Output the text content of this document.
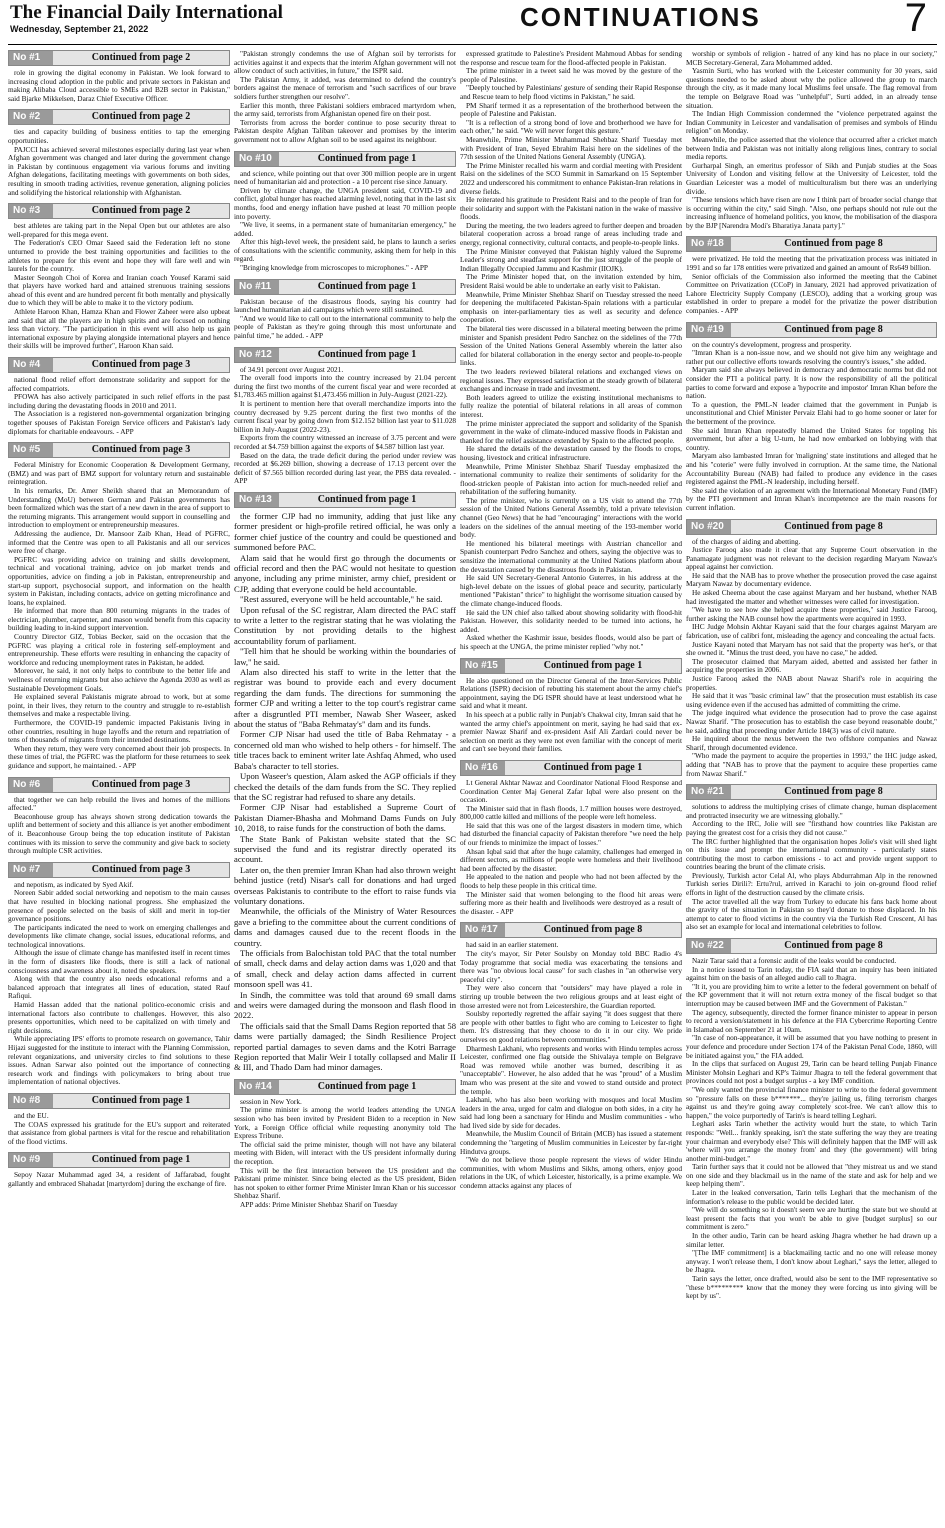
The Financial Daily International
Wednesday, September 21, 2022	CONTINUATIONS	7
No #1	Continued from page 2

role in growing the digital economy in Pakistan. We look forward to increasing cloud adoption in the public and private sectors in Pakistan and making Alibaba Cloud accessible to SMEs and B2B sector in Pakistan," said Bjarke Mikkelsen, Daraz Chief Executive Officer.

No #2	Continued from page 2

ties and capacity building of business entities to tap the emerging opportunities.

PAJCCI has achieved several milestones especially during last year when Afghan government was changed and later during the government change in Pakistan by continuous engagement via various forums and inviting Afghan delegations, facilitating meetings with governments on both sides, resulting in smooth trading activities, revenue generation, aligning policies and solidifying the historical relationship with Afghanistan.

No #3	Continued from page 2

best athletes are taking part in the Nepal Open but our athletes are also well-prepared for this mega event.

The Federation's CEO Omar Saeed said the Federation left no stone unturned to provide the best training opportunities and facilities to the athletes to prepare for this event and hope they will fare well and win laurels for the country.

Master Seongoh Choi of Korea and Iranian coach Yousef Karami said that players have worked hard and attained strenuous training sessions ahead of this event and are hundred percent fit both mentally and physically due to which they will be able to make it to the victory podium.

Athlete Haroon Khan, Hamza Khan and Flower Zaheer were also upbeat and said that all the players are in high spirits and are focused on nothing less than victory. "The participation in this event will also help us gain international exposure by playing alongside international players and hence their skills will be improved further", Haroon Khan said.

No #4	Continued from page 3

national flood relief effort demonstrate solidarity and support for the affected compatriots.

PFOWA has also actively participated in such relief efforts in the past including during the devastating floods in 2010 and 2011.

The Association is a registered non-governmental organization bringing together spouses of Pakistan Foreign Service officers and Pakistan's lady diplomats for charitable endeavours. - APP

No #5	Continued from page 3

Federal Ministry for Economic Cooperation & Development Germany, (BMZ) and was part of BMZ support for voluntary return and sustainable reintegration.

In his remarks, Dr. Amer Sheikh shared that an Memorandum of Understanding (MoU) between German and Pakistan governments has been formalized which was the start of a new dawn in the area of support to the returning migrants. This arrangement would support in counselling and introduction to employment or entrepreneurship measures.

Addressing the audience, Dr. Mansoor Zaib Khan, Head of PGFRC, informed that the Centre was open to all Pakistanis and all our services were free of charge.

PGFRC was providing advice on training and skills development, technical and vocational training, advice on job market trends and opportunities, advice on finding a job in Pakistan, entrepreneurship and start-up support, psychosocial support, and information on the health system in Pakistan, including contacts, advice on getting microfinance and loans, he explained.

He informed that more than 800 returning migrants in the trades of electrician, plumber, carpenter, and mason would benefit from this capacity building leading to in-kind support intervention.

Country Director GIZ, Tobias Becker, said on the occasion that the PGFRC was playing a critical role in fostering self-employment and entrepreneurship. These efforts were resulting in enhancing the capacity of workforce and reducing unemployment rates in Pakistan, he added.

Moreover, he said, it not only helps to contribute to the better life and wellness of returning migrants but also achieve the Agenda 2030 as well as Sustainable Development Goals.

He explained several Pakistanis migrate abroad to work, but at some point, in their lives, they return to the country and struggle to re-establish themselves and make a respectable living.

Furthermore, the COVID-19 pandemic impacted Pakistanis living in other countries, resulting in huge layoffs and the return and repatriation of tens of thousands of migrants from their intended destinations.

When they return, they were very concerned about their job prospects. In these times of trial, the PGFRC was the platform for these returnees to seek guidance and support, he maintained. - APP

No #6	Continued from page 3

that together we can help rebuild the lives and homes of the millions affected."

Beaconhouse group has always shown strong dedication towards the uplift and betterment of society and this alliance is yet another embodiment of it. Beaconhouse Group being the top education institute of Pakistan continues with its mission to serve the community and give back to society through multiple CSR activities.

No #7	Continued from page 3

and nepotism, as indicated by Syed Akif.

Noreen Sabir added social networking and nepotism to the main causes that have resulted in blocking national progress. She emphasized the presence of people selected on the basis of skill and merit in top-tier governance positions.

The participants indicated the need to work on emerging challenges and developments like climate change, social issues, educational reforms, and technological innovations.

Although the issue of climate change has manifested itself in recent times in the form of disasters like floods, there is still a lack of national consciousness and awareness about it, noted the speakers.

Along with that the country also needs educational reforms and a balanced approach that integrates all lines of education, stated Rauf Rafiqui.

Hamid Hassan added that the national politico-economic crisis and international factors also contribute to challenges. However, this also presents opportunities, which need to be capitalized on with timely and right decisions.

While appreciating IPS' efforts to promote research on governance, Tahir Hijazi suggested for the institute to interact with the Planning Commission, relevant organizations, and university circles to find solutions to these issues. Adnan Sarwar also pointed out the importance of connecting research work and findings with policymakers to bring about true implementation of national objectives.

No #8	Continued from page 1

and the EU.

The COAS expressed his gratitude for the EU's support and reiterated that assistance from global partners is vital for the rescue and rehabilitation of the flood victims.

No #9	Continued from page 1

Sepoy Nazar Muhammad aged 34, a resident of Jaffarabad, fought gallantly and embraced Shahadat [martyrdom] during the exchange of fire.

"Pakistan strongly condemns the use of Afghan soil by terrorists for activities against it and expects that the interim Afghan government will not allow conduct of such activities, in future," the ISPR said.

The Pakistan Army, it added, was determined to defend the country's borders against the menace of terrorism and "such sacrifices of our brave soldiers further strengthen our resolve".

Earlier this month, three Pakistani soldiers embraced martyrdom when, the army said, terrorists from Afghanistan opened fire on their post.

Terrorists from across the border continue to pose security threat to Pakistan despite Afghan Taliban takeover and promises by the interim government not to allow Afghan soil to be used against its neighbour.

No #10	Continued from page 1

and science, while pointing out that over 300 million people are in urgent need of humanitarian aid and protection - a 10 percent rise since January.

Driven by climate change, the UNGA president said, COVID-19 and conflict, global hunger has reached alarming level, noting that in the last six months, food and energy inflation have pushed at least 70 million people into poverty.

"We live, it seems, in a permanent state of humanitarian emergency," he added.

After this high-level week, the president said, he plans to launch a series of consultations with the scientific community, asking them for help in this regard.

"Bringing knowledge from microscopes to microphones." - APP

No #11	Continued from page 1

Pakistan because of the disastrous floods, saying his country had launched humanitarian aid campaigns which were still sustained.

"And we would like to call out to the international community to help the people of Pakistan as they're going through this most unfortunate and painful time," he added. - APP

No #12	Continued from page 1

of 34.91 percent over August 2021.

The overall food imports into the country increased by 21.04 percent during the first two months of the current fiscal year and were recorded at $1,783.465 million against $1,473.456 million in July-August (2021-22).

It is pertinent to mention here that overall merchandize imports into the country decreased by 9.25 percent during the first two months of the current fiscal year by going down from $12.152 billion last year to $11.028 billion in July-August (2022-23).

Exports from the country witnessed an increase of 3.75 percent and were recorded at $4.759 billion against the exports of $4.587 billion last year.

Based on the data, the trade deficit during the period under review was recorded at $6.269 billion, showing a decrease of 17.13 percent over the deficit of $7.565 billion recorded during last year, the PBS data revealed. - APP

No #13	Continued from page 1

the former CJP had no immunity, adding that just like any former president or high-profile retired official, he was only a former chief justice of the country and could be questioned and summoned before PAC.

Alam said that he would first go through the documents or official record and then the PAC would not hesitate to question anyone, including any prime minister, army chief, president or CJP, adding that everyone could be held accountable.

"Rest assured, everyone will be held accountable," he said.

Upon refusal of the SC registrar, Alam directed the PAC staff to write a letter to the registrar stating that he was violating the Constitution by not providing details to the highest accountability forum of parliament.

"Tell him that he should be working within the boundaries of law," he said.

Alam also directed his staff to write in the letter that the registrar was bound to provide each and every document regarding the dam funds. The directions for summoning the former CJP and writing a letter to the top court's registrar came after a disgruntled PTI member, Nawab Sher Waseer, asked about the status of "Baba Rehmatay's" dam and its funds.

Former CJP Nisar had used the title of Baba Rehmatay - a concerned old man who wished to help others - for himself. The title traces back to eminent writer late Ashfaq Ahmed, who used Baba's character to tell stories.

Upon Waseer's question, Alam asked the AGP officials if they checked the details of the dam funds from the SC. They replied that the SC registrar had refused to share any details.

Former CJP Nisar had established a Supreme Court of Pakistan Diamer-Bhasha and Mohmand Dams Funds on July 10, 2018, to raise funds for the construction of both the dams.

The State Bank of Pakistan website stated that the SC supervised the fund and its registrar directly operated its account.

Later on, the then premier Imran Khan had also thrown weight behind justice (retd) Nisar's call for donations and had urged overseas Pakistanis to contribute to the effort to raise funds via voluntary donations.

Meanwhile, the officials of the Ministry of Water Resources gave a briefing to the committee about the current conditions of dams and damages caused due to the recent floods in the country.

The officials from Balochistan told PAC that the total number of small, check dams and delay action dams was 1,020 and that of small, check and delay action dams affected in current monsoon spell was 41.

In Sindh, the committee was told that around 69 small dams and weirs were damaged during the monsoon and flash flood in 2022.

The officials said that the Small Dams Region reported that 58 dams were partially damaged; the Sindh Resilience Project reported partial damages to seven dams and the Kotri Barrage Region reported that Malir Weir I totally collapsed and Malir II & III, and Thado Dam had minor damages.

No #14	Continued from page 1

session in New York.

The prime minister is among the world leaders attending the UNGA session who has been invited by President Biden to a reception in New York, a Foreign Office official while requesting anonymity told The Express Tribune.

The official said the prime minister, though will not have any bilateral meeting with Biden, will interact with the US president informally during the reception.

This will be the first interaction between the US president and the Pakistani prime minister. Since being elected as the US president, Biden has not spoken to either former Prime Minister Imran Khan or his successor Shehbaz Sharif.

APP adds: Prime Minister Shehbaz Sharif on Tuesday

expressed gratitude to Palestine's President Mahmoud Abbas for sending the response and rescue team for the flood-affected people in Pakistan.

The prime minister in a tweet said he was moved by the gesture of the people of Palestine.

"Deeply touched by Palestinians' gesture of sending their Rapid Response and Rescue team to help flood victims in Pakistan," he said.

PM Sharif termed it as a representation of the brotherhood between the people of Palestine and Pakistan.

"It is a reflection of a strong bond of love and brotherhood we have for each other," he said. "We will never forget this gesture."

Meanwhile, Prime Minister Muhammad Shehbaz Sharif Tuesday met with President of Iran, Seyed Ebrahim Raisi here on the sidelines of the 77th session of the United Nations General Assembly (UNGA).

The Prime Minister recalled his warm and cordial meeting with President Raisi on the sidelines of the SCO Summit in Samarkand on 15 September 2022 and underscored his commitment to enhance Pakistan-Iran relations in diverse fields.

He reiterated his gratitude to President Raisi and to the people of Iran for their solidarity and support with the Pakistani nation in the wake of massive floods.

During the meeting, the two leaders agreed to further deepen and broaden bilateral cooperation across a broad range of areas including trade and energy, regional connectivity, cultural contacts, and people-to-people links.

The Prime Minister conveyed that Pakistan highly valued the Supreme Leader's strong and steadfast support for the just struggle of the people of Indian Illegally Occupied Jammu and Kashmir (IIOJK).

The Prime Minister hoped that, on the invitation extended by him, President Raisi would be able to undertake an early visit to Pakistan.

Meanwhile, Prime Minister Shehbaz Sharif on Tuesday stressed the need for deepening the multifaceted Pakistan-Spain relations with a particular emphasis on inter-parliamentary ties as well as security and defence cooperation.

The bilateral ties were discussed in a bilateral meeting between the prime minister and Spanish president Pedro Sanchez on the sidelines of the 77th Session of the United Nations General Assembly wherein the latter also called for bilateral collaboration in the energy sector and people-to-people links.

The two leaders reviewed bilateral relations and exchanged views on regional issues. They expressed satisfaction at the steady growth of bilateral exchanges and increase in trade and investment.

Both leaders agreed to utilize the existing institutional mechanisms to fully realize the potential of bilateral relations in all areas of common interest.

The prime minister appreciated the support and solidarity of the Spanish government in the wake of climate-induced massive floods in Pakistan and thanked for the relief assistance extended by Spain to the affected people.

He shared the details of the devastation caused by the floods to crops, housing, livestock and critical infrastructure.

Meanwhile, Prime Minister Shehbaz Sharif Tuesday emphasized the international community to realize their sentiments of solidarity for the flood-stricken people of Pakistan into action for much-needed relief and rehabilitation of the suffering humanity.

The prime minister, who is currently on a US visit to attend the 77th session of the United Nations General Assembly, told a private television channel (Geo News) that he had "encouraging" interactions with the world leaders on the sidelines of the annual meeting of the 193-member world body.

He mentioned his bilateral meetings with Austrian chancellor and Spanish counterpart Pedro Sanchez and others, saying the objective was to sensitize the international community at the United Nations platform about the devastation caused by the disastrous floods in Pakistan.

He said UN Secretary-General Antonio Guterres, in his address at the high-level debate on the issues of global peace and security, particularly mentioned "Pakistan" thrice" to highlight the worrisome situation caused by the climate change-induced floods.

He said the UN chief also talked about showing solidarity with flood-hit Pakistan. However, this solidarity needed to be turned into actions, he added.

Asked whether the Kashmir issue, besides floods, would also be part of his speech at the UNGA, the prime minister replied "why not."

No #15	Continued from page 1

He also questioned on the Director General of the Inter-Services Public Relations (ISPR) decision of rebutting his statement about the army chief's appointment, saying the DG ISPR should have at least understood what he said and what it meant.

In his speech at a public rally in Punjab's Chakwal city, Imran said that he wanted the army chief's appointment on merit, saying he had said that ex-premier Nawaz Sharif and ex-president Asif Ali Zardari could never be selection on merit as they were not even familiar with the concept of merit and can't see beyond their families.

No #16	Continued from page 1

Lt General Akhtar Nawaz and Coordinator National Flood Response and Coordination Center Maj General Zafar Iqbal were also present on the occasion.

The Minister said that in flash floods, 1.7 million houses were destroyed, 800,000 cattle killed and millions of the people were left homeless.

He said that this was one of the largest disasters in modern time, which had disturbed the financial capacity of Pakistan therefore "we need the help of our friends to minimize the impact of losses."

Ahsan Iqbal said that after the huge calamity, challenges had emerged in different sectors, as millions of people were homeless and their livelihood had been affected by the disaster.

He appealed to the nation and people who had not been affected by the floods to help these people in this critical time.

The Minister said that women belonging to the flood hit areas were suffering more as their health and livelihoods were destroyed as a result of the disaster. - APP

No #17	Continued from page 8

had said in an earlier statement.

The city's mayor, Sir Peter Soulsby on Monday told BBC Radio 4's Today programme that social media was exacerbating the tensions and there was "no obvious local cause" for such clashes in "an otherwise very peaceful city".

They were also concern that "outsiders" may have played a role in stirring up trouble between the two religious groups and at least eight of those arrested were not from Leicestershire, the Guardian reported.

Soulsby reportedly regretted the affair saying "it does suggest that there are people with other battles to fight who are coming to Leicester to fight them. It's distressing that they choose to do it in our city. We pride ourselves on good relations between communities."

Dharmesh Lakhani, who represents and works with Hindu temples across Leicester, confirmed one flag outside the Shivalaya temple on Belgrave Road was removed while another was burned, describing it as "unacceptable". However, he also added that he was "proud" of a Muslim Imam who was present at the site and vowed to stand outside and protect the temple.

Lakhani, who has also been working with mosques and local Muslim leaders in the area, urged for calm and dialogue on both sides, in a city he said had long been a sanctuary for Hindu and Muslim communities - who had lived side by side for decades.

Meanwhile, the Muslim Council of Britain (MCB) has issued a statement condemning the "targeting of Muslim communities in Leicester by far-right Hindutva groups.

"We do not believe those people represent the views of wider Hindu communities, with whom Muslims and Sikhs, among others, enjoy good relations in the UK, of which Leicester, historically, is a prime example. We condemn attacks against any places of

worship or symbols of religion - hatred of any kind has no place in our society," MCB Secretary-General, Zara Mohammed added.

Yasmin Surti, who has worked with the Leicester community for 30 years, said questions needed to be asked about why the police allowed the group to march through the city, as it made many local Muslims feel unsafe. The flag removal from the temple on Belgrave Road was "unhelpful", Surti added, in an already tense situation.

The Indian High Commission condemned the "violence perpetrated against the Indian Community in Leicester and vandalisation of premises and symbols of Hindu religion" on Monday.

Meanwhile, the police asserted that the violence that occurred after a cricket match between India and Pakistan was not initially along religious lines, contrary to social media reports.

Gurharpal Singh, an emeritus professor of Sikh and Punjab studies at the Soas University of London and visiting fellow at the University of Leicester, told the Guardian Leicester was a model of multiculturalism but there was an underlying divide.

"These tensions which have risen are now I think part of broader social change that is occurring within the city," said Singh. "Also, one perhaps should not rule out the increasing influence of homeland politics, you know, the mobilisation of the diaspora by the BJP [Narendra Modi's Bharatiya Janata party]."

No #18	Continued from page 8

were privatized. He told the meeting that the privatization process was initiated in 1991 and so far 178 entities were privatized and gained an amount of Rs649 billion.

Senior officials of the Commission also informed the meeting that the Cabinet Committee on Privatization (CCoP) in January, 2021 had approved privatization of Lahore Electricity Supply Company (LESCO), adding that a working group was established in order to prepare a model for the privatize the power distribution companies. - APP

No #19	Continued from page 8

on the country's development, progress and prosperity.

"Imran Khan is a non-issue now, and we should not give him any weightage and rather put our collective efforts towards resolving the country's issues," she added.

Maryam said she always believed in democracy and democratic norms but did not consider the PTI a political party. It is now the responsibility of all the political parties to come forward and expose a 'hypocrite and impostor' Imran Khan before the nation.

To a question, the PML-N leader claimed that the government in Punjab is unconstitutional and Chief Minister Pervaiz Elahi had to go home sooner or later for the betterment of the province.

She said Imran Khan repeatedly blamed the United States for toppling his government, but after a big U-turn, he had now embarked on lobbying with that country.

Maryam also lambasted Imran for 'maligning' state institutions and alleged that he and his "coterie" were fully involved in corruption. At the same time, the National Accountability Bureau (NAB) had failed to produce any evidence in the cases registered against the PML-N leadership, including herself.

She said the violation of an agreement with the International Monetary Fund (IMF) by the PTI government and Imran Khan's incompetence are the main reasons for current inflation.

No #20	Continued from page 8

of the charges of aiding and abetting.

Justice Farooq also made it clear that any Supreme Court observation in the Panamagate judgment was not relevant to the decision regarding Maryam Nawaz's appeal against her conviction.

He said that the NAB has to prove whether the prosecution proved the case against Maryam Nawaz by documentary evidence.

He asked Cheema about the case against Maryam and her husband, whether NAB had investigated the matter and whether witnesses were called for investigation.

"We have to see how she helped acquire these properties," said Justice Farooq, further asking the NAB counsel how the apartments were acquired in 1993.

IHC Judge Mohsin Akhtar Kayani said that the four charges against Maryam are fabrication, use of calibri font, misleading the agency and concealing the actual facts.

Justice Kayani noted that Maryam has not said that the property was her's, or that she owned it. "Minus the trust deed, you have no case," he added.

The prosecutor claimed that Maryam aided, abetted and assisted her father in acquiring the properties in 2006.

Justice Farooq asked the NAB about Nawaz Sharif's role in acquiring the properties.

He said that it was "basic criminal law" that the prosecution must establish its case using evidence even if the accused has admitted of committing the crime.

The judge inquired what evidence the prosecution had to prove the case against Nawaz Sharif. "The prosecution has to establish the case beyond reasonable doubt," he said, adding that proceeding under Article 184(3) was of civil nature.

He inquired about the nexus between the two offshore companies and Nawaz Sharif, through documented evidence.

"Who made the payment to acquire the properties in 1993," the IHC judge asked, adding that "NAB has to prove that the payment to acquire these properties came from Nawaz Sharif."

No #21	Continued from page 8

solutions to address the multiplying crises of climate change, human displacement and protracted insecurity we are witnessing globally."

According to the IRC, Jolie will see "firsthand how countries like Pakistan are paying the greatest cost for a crisis they did not cause."

The IRC further highlighted that the organisation hopes Jolie's visit will shed light on this issue and prompt the international community - particularly states contributing the most to carbon emissions - to act and provide urgent support to countries bearing the brunt of the climate crisis.

Previously, Turkish actor Celal Al, who plays Abdurrahman Alp in the renowned Turkish series Dirili?: Ertu?rul, arrived in Karachi to join on-ground flood relief efforts in light of the destruction caused by the climate crisis.

The actor travelled all the way from Turkey to educate his fans back home about the gravity of the situation in Pakistan so they'd donate to those displaced. In his attempt to cater to flood victims in the country via the Turkish Red Crescent, Al has also set an example for local and international celebrities to follow.

No #22	Continued from page 8

Nazir Tarar said that a forensic audit of the leaks would be conducted.

In a notice issued to Tarin today, the FIA said that an inquiry has been initiated against him on the basis of an alleged audio call to Jhagra.

"It it, you are providing him to write a letter to the federal government on behalf of the KP government that it will not return extra money of the fiscal budget so that interruption may be caused between IMF and the Government of Pakistan."

The agency, subsequently, directed the former finance minister to appear in person to record a version/statement in his defence at the FIA Cybercrime Reporting Centre in Islamabad on September 21 at 10am.

"In case of non-appearance, it will be assumed that you have nothing to present in your defence and procedure under Section 174 of the Pakistan Penal Code, 1860, will be initiated against you," the FIA added.

In the clips that surfaced on August 29, Tarin can be heard telling Punjab Finance Minister Mohsin Leghari and KP's Taimur Jhagra to tell the federal government that provinces could not post a budget surplus - a key IMF condition.

"We only wanted the provincial finance minister to write to the federal government so "pressure falls on these b*******... they're jailing us, filing terrorism charges against us and they're going away completely scot-free. We can't allow this to happen," the voice purportedly of Tarin's is heard telling Leghari.

Leghari asks Tarin whether the activity would hurt the state, to which Tarin responds: "Well... frankly speaking, isn't the state suffering the way they are treating your chairman and everybody else? This will definitely happen that the IMF will ask 'where will you arrange the money from' and they (the government) will bring another mini-budget."

Tarin further says that it could not be allowed that "they mistreat us and we stand on one side and they blackmail us in the name of the state and ask for help and we keep helping them".

Later in the leaked conversation, Tarin tells Leghari that the mechanism of the information's release to the public would be decided later.

"We will do something so it doesn't seem we are hurting the state but we should at least present the facts that you won't be able to give [budget surplus] so our commitment is zero."

In the other audio, Tarin can be heard asking Jhagra whether he had drawn up a similar letter.

"[The IMF commitment] is a blackmailing tactic and no one will release money anyway. I won't release them, I don't know about Leghari," says the letter, alleged to be Jhagra.

Tarin says the letter, once drafted, would also be sent to the IMF representative so "these b********* know that the money they were forcing us into giving will be kept by us".
